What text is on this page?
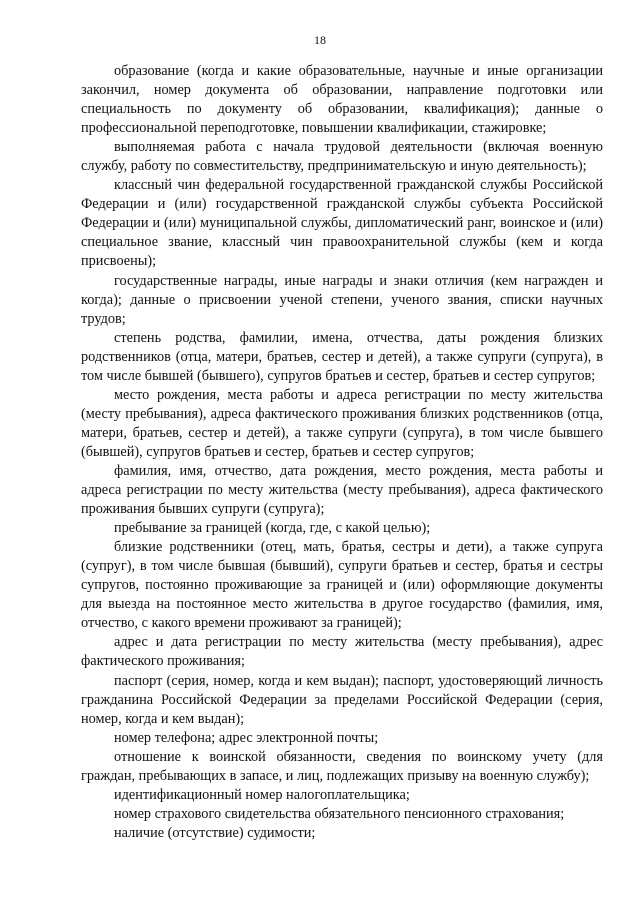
18

образование (когда и какие образовательные, научные и иные организации закончил, номер документа об образовании, направление подготовки или специальность по документу об образовании, квалификация); данные о профессиональной переподготовке, повышении квалификации, стажировке;

выполняемая работа с начала трудовой деятельности (включая военную службу, работу по совместительству, предпринимательскую и иную деятельность);

классный чин федеральной государственной гражданской службы Российской Федерации и (или) государственной гражданской службы субъекта Российской Федерации и (или) муниципальной службы, дипломатический ранг, воинское и (или) специальное звание, классный чин правоохранительной службы (кем и когда присвоены);

государственные награды, иные награды и знаки отличия (кем награжден и когда); данные о присвоении ученой степени, ученого звания, списки научных трудов;

степень родства, фамилии, имена, отчества, даты рождения близких родственников (отца, матери, братьев, сестер и детей), а также супруги (супруга), в том числе бывшей (бывшего), супругов братьев и сестер, братьев и сестер супругов;

место рождения, места работы и адреса регистрации по месту жительства (месту пребывания), адреса фактического проживания близких родственников (отца, матери, братьев, сестер и детей), а также супруги (супруга), в том числе бывшего (бывшей), супругов братьев и сестер, братьев и сестер супругов;

фамилия, имя, отчество, дата рождения, место рождения, места работы и адреса регистрации по месту жительства (месту пребывания), адреса фактического проживания бывших супруги (супруга);

пребывание за границей (когда, где, с какой целью);

близкие родственники (отец, мать, братья, сестры и дети), а также супруга (супруг), в том числе бывшая (бывший), супруги братьев и сестер, братья и сестры супругов, постоянно проживающие за границей и (или) оформляющие документы для выезда на постоянное место жительства в другое государство (фамилия, имя, отчество, с какого времени проживают за границей);

адрес и дата регистрации по месту жительства (месту пребывания), адрес фактического проживания;

паспорт (серия, номер, когда и кем выдан); паспорт, удостоверяющий личность гражданина Российской Федерации за пределами Российской Федерации (серия, номер, когда и кем выдан);

номер телефона; адрес электронной почты;

отношение к воинской обязанности, сведения по воинскому учету (для граждан, пребывающих в запасе, и лиц, подлежащих призыву на военную службу);

идентификационный номер налогоплательщика;

номер страхового свидетельства обязательного пенсионного страхования;

наличие (отсутствие) судимости;
